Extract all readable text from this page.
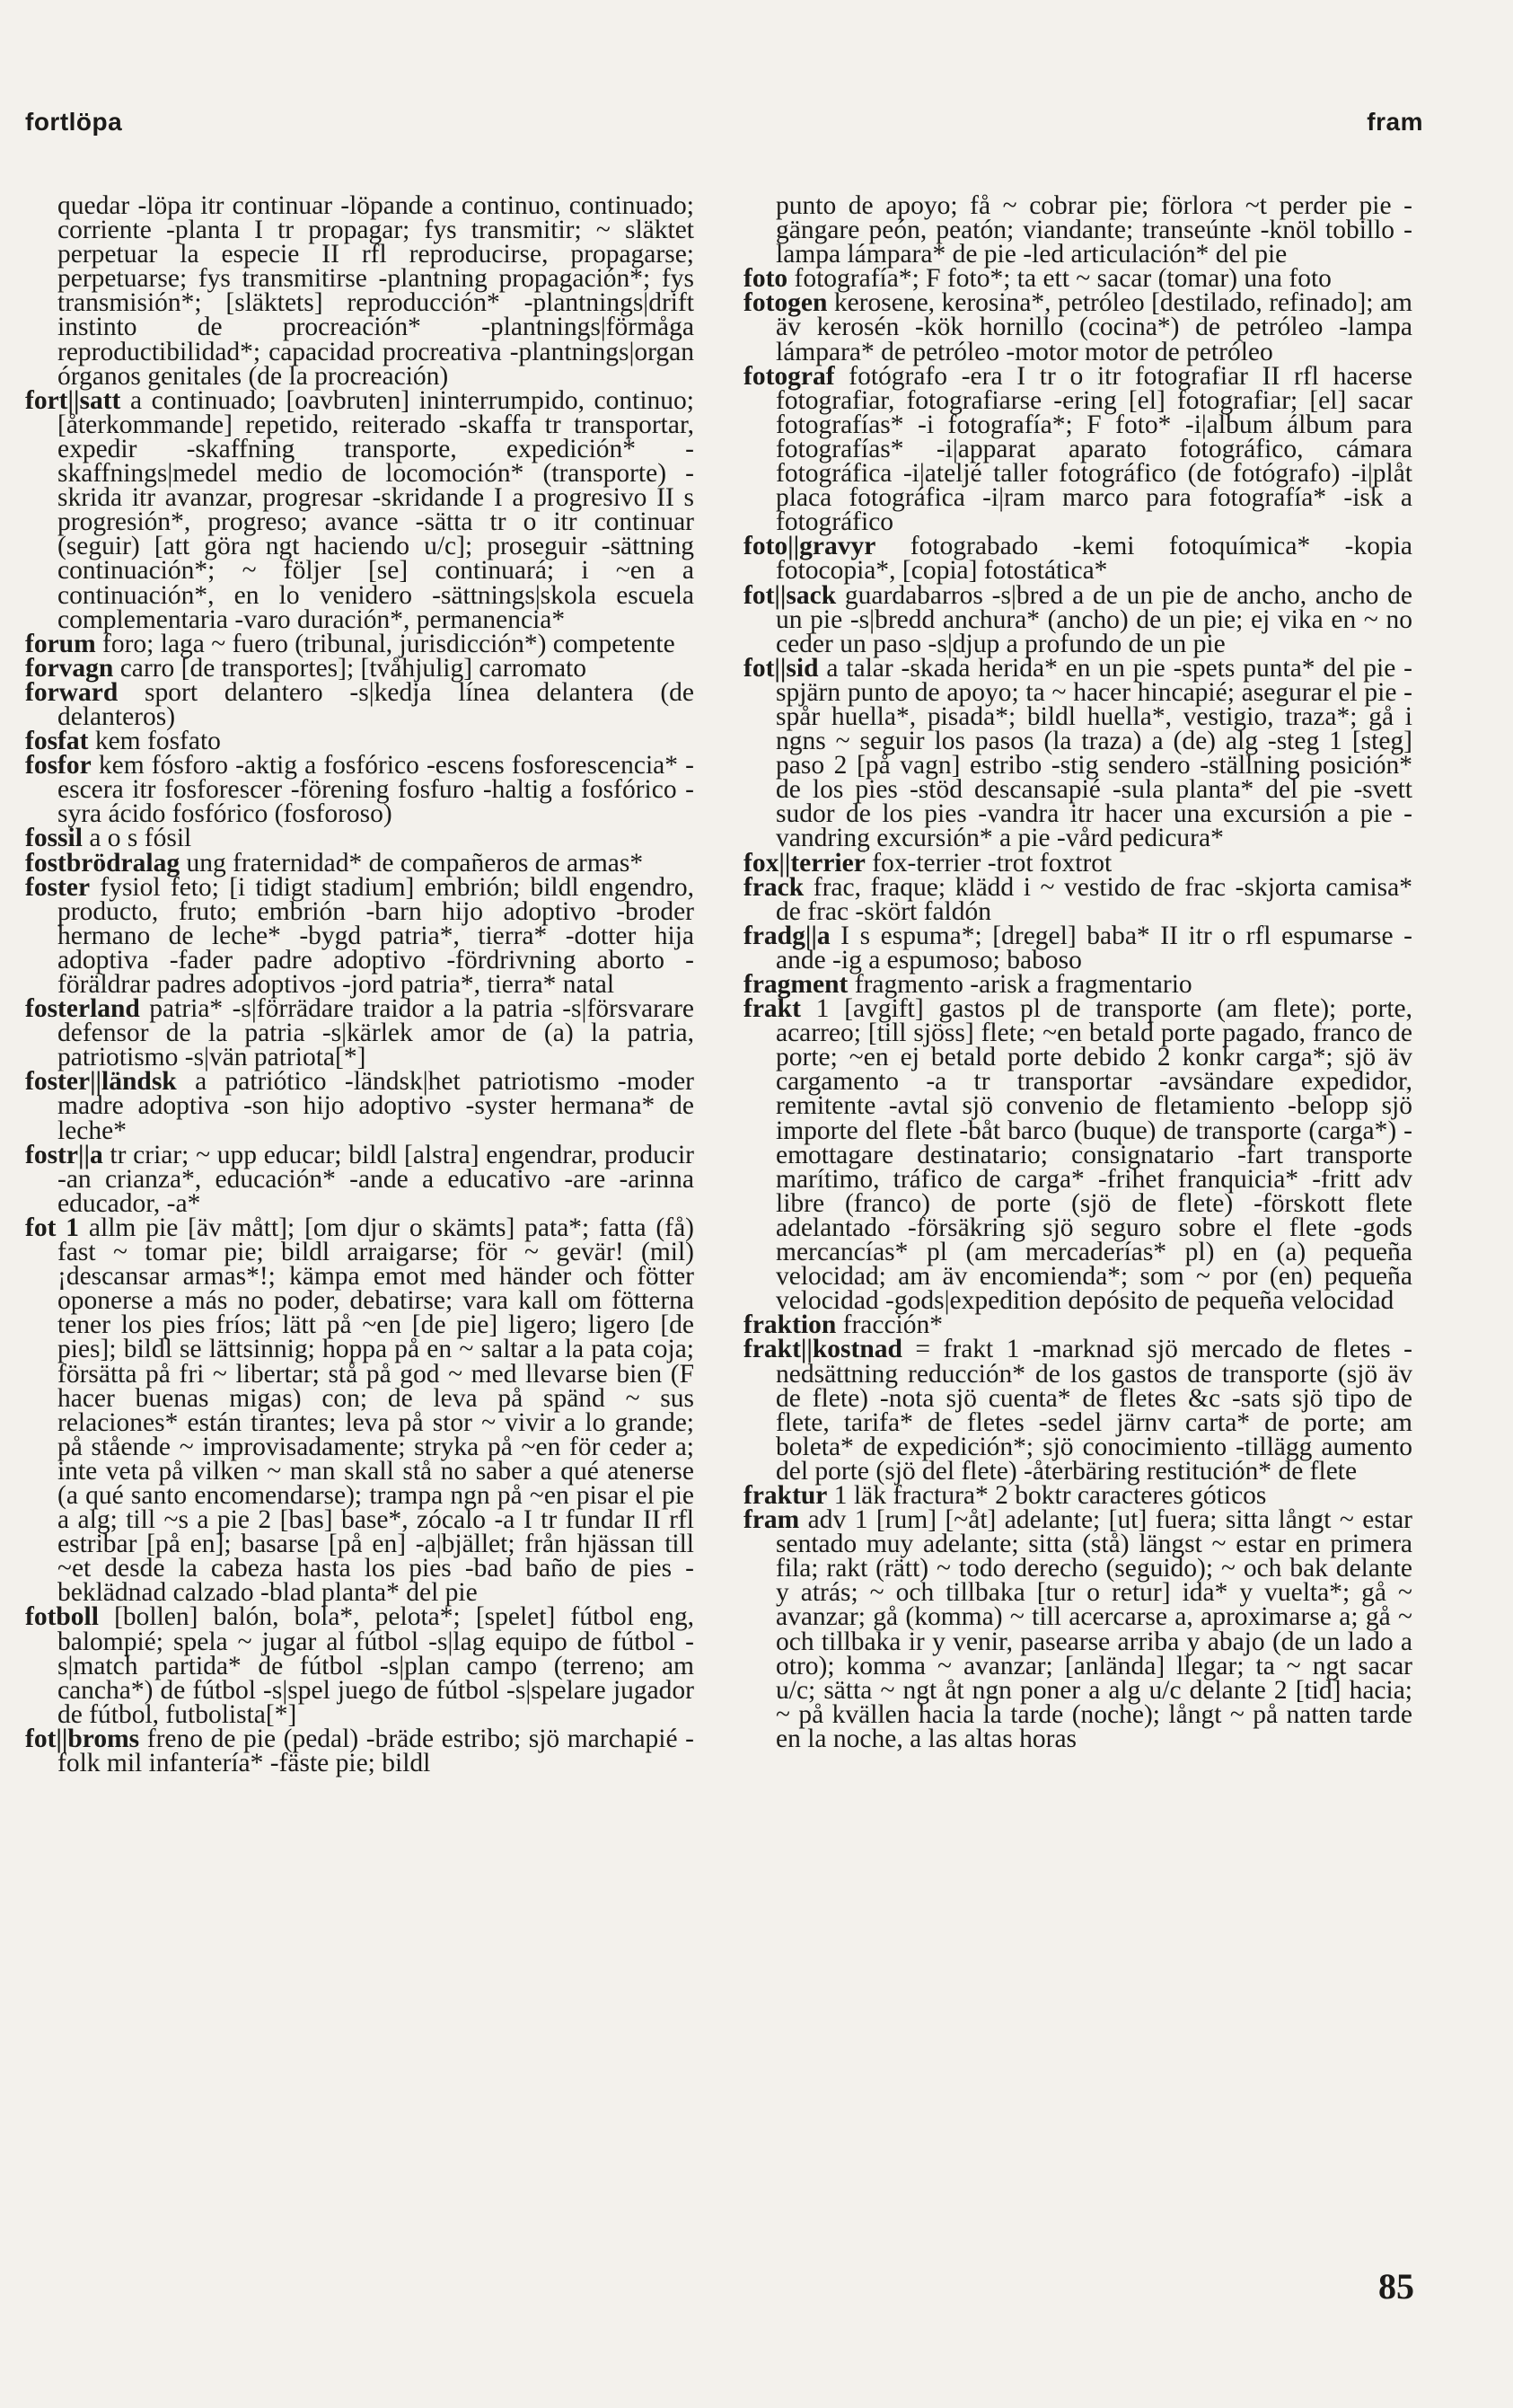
fortlöpa	fram

quedar -löpa itr continuar -löpande a continuo, continuado; corriente -planta I tr propagar; fys transmitir; ~ släktet perpetuar la especie II rfl reproducirse, propagarse; perpetuarse; fys transmitirse -plantning propagación*; fys transmisión*; [släktets] reproducción* -plantnings|drift instinto de procreación* -plantnings|förmåga reproductibilidad*; capacidad procreativa -plantnings|organ órganos genitales (de la procreación)

fort||satt a continuado; [oavbruten] ininterrumpido, continuo; [återkommande] repetido, reiterado -skaffa tr transportar, expedir -skaffning transporte, expedición* -skaffnings|medel medio de locomoción* (transporte) -skrida itr avanzar, progresar -skridande I a progresivo II s progresión*, progreso; avance -sätta tr o itr continuar (seguir) [att göra ngt haciendo u/c]; proseguir -sättning continuación*; ~ följer [se] continuará; i ~en a continuación*, en lo venidero -sättnings|skola escuela complementaria -varo duración*, permanencia*

forum foro; laga ~ fuero (tribunal, jurisdicción*) competente

forvagn carro [de transportes]; [tvåhjulig] carromato

forward sport delantero -s|kedja línea delantera (de delanteros)

fosfat kem fosfato

fosfor kem fósforo -aktig a fosfórico -escens fosforescencia* -escera itr fosforescer -förening fosfuro -haltig a fosfórico -syra ácido fosfórico (fosforoso)

fossil a o s fósil

fostbrödralag ung fraternidad* de compañeros de armas*

foster fysiol feto; [i tidigt stadium] embrión; bildl engendro, producto, fruto; embrión -barn hijo adoptivo -broder hermano de leche* -bygd patria*, tierra* -dotter hija adoptiva -fader padre adoptivo -fördrivning aborto -föräldrar padres adoptivos -jord patria*, tierra* natal

fosterland patria* -s|förrädare traidor a la patria -s|försvarare defensor de la patria -s|kärlek amor de (a) la patria, patriotismo -s|vän patriota[*]

foster||ländsk a patriótico -ländsk|het patriotismo -moder madre adoptiva -son hijo adoptivo -syster hermana* de leche*

fostr||a tr criar; ~ upp educar; bildl [alstra] engendrar, producir -an crianza*, educación* -ande a educativo -are -arinna educador, -a*

fot 1 allm pie [äv mått]; [om djur o skämts] pata*; fatta (få) fast ~ tomar pie; bildl arraigarse; för ~ gevär! (mil) ¡descansar armas*!; kämpa emot med händer och fötter oponerse a más no poder, debatirse; vara kall om fötterna tener los pies fríos; lätt på ~en [de pie] ligero; ligero [de pies]; bildl se lättsinnig; hoppa på en ~ saltar a la pata coja; försätta på fri ~ libertar; stå på god ~ med llevarse bien (F hacer buenas migas) con; de leva på spänd ~ sus relaciones* están tirantes; leva på stor ~ vivir a lo grande; på stående ~ improvisadamente; stryka på ~en för ceder a; inte veta på vilken ~ man skall stå no saber a qué atenerse (a qué santo encomendarse); trampa ngn på ~en pisar el pie a alg; till ~s a pie 2 [bas] base*, zócalo -a I tr fundar II rfl estribar [på en]; basarse [på en] -a|bjället; från hjässan till ~et desde la cabeza hasta los pies -bad baño de pies -beklädnad calzado -blad planta* del pie

fotboll [bollen] balón, bola*, pelota*; [spelet] fútbol eng, balompié; spela ~ jugar al fútbol -s|lag equipo de fútbol -s|match partida* de fútbol -s|plan campo (terreno; am cancha*) de fútbol -s|spel juego de fútbol -s|spelare jugador de fútbol, futbolista[*]

fot||broms freno de pie (pedal) -bräde estribo; sjö marchapié -folk mil infantería* -fäste pie; bildl

punto de apoyo; få ~ cobrar pie; förlora ~t perder pie -gängare peón, peatón; viandante; transeúnte -knöl tobillo -lampa lámpara* de pie -led articulación* del pie

foto fotografía*; F foto*; ta ett ~ sacar (tomar) una foto

fotogen kerosene, kerosina*, petróleo [destilado, refinado]; am äv kerosén -kök hornillo (cocina*) de petróleo -lampa lámpara* de petróleo -motor motor de petróleo

fotograf fotógrafo -era I tr o itr fotografiar II rfl hacerse fotografiar, fotografiarse -ering [el] fotografiar; [el] sacar fotografías* -i fotografía*; F foto* -i|album álbum para fotografías* -i|apparat aparato fotográfico, cámara fotográfica -i|ateljé taller fotográfico (de fotógrafo) -i|plåt placa fotográfica -i|ram marco para fotografía* -isk a fotográfico

foto||gravyr fotograbado -kemi fotoquímica* -kopia fotocopia*, [copia] fotostática*

fot||sack guardabarros -s|bred a de un pie de ancho, ancho de un pie -s|bredd anchura* (ancho) de un pie; ej vika en ~ no ceder un paso -s|djup a profundo de un pie

fot||sid a talar -skada herida* en un pie -spets punta* del pie -spjärn punto de apoyo; ta ~ hacer hincapié; asegurar el pie -spår huella*, pisada*; bildl huella*, vestigio, traza*; gå i ngns ~ seguir los pasos (la traza) a (de) alg -steg 1 [steg] paso 2 [på vagn] estribo -stig sendero -ställning posición* de los pies -stöd descansapié -sula planta* del pie -svett sudor de los pies -vandra itr hacer una excursión a pie -vandring excursión* a pie -vård pedicura*

fox||terrier fox-terrier -trot foxtrot

frack frac, fraque; klädd i ~ vestido de frac -skjorta camisa* de frac -skört faldón

fradg||a I s espuma*; [dregel] baba* II itr o rfl espumarse -ande -ig a espumoso; baboso

fragment fragmento -arisk a fragmentario

frakt 1 [avgift] gastos pl de transporte (am flete); porte, acarreo; [till sjöss] flete; ~en betald porte pagado, franco de porte; ~en ej betald porte debido 2 konkr carga*; sjö äv cargamento -a tr transportar -avsändare expedidor, remitente -avtal sjö convenio de fletamiento -belopp sjö importe del flete -båt barco (buque) de transporte (carga*) -emottagare destinatario; consignatario -fart transporte marítimo, tráfico de carga* -frihet franquicia* -fritt adv libre (franco) de porte (sjö de flete) -förskott flete adelantado -försäkring sjö seguro sobre el flete -gods mercancías* pl (am mercaderías* pl) en (a) pequeña velocidad; am äv encomienda*; som ~ por (en) pequeña velocidad -gods|expedition depósito de pequeña velocidad

fraktion fracción*

frakt||kostnad = frakt 1 -marknad sjö mercado de fletes -nedsättning reducción* de los gastos de transporte (sjö äv de flete) -nota sjö cuenta* de fletes &c -sats sjö tipo de flete, tarifa* de fletes -sedel järnv carta* de porte; am boleta* de expedición*; sjö conocimiento -tillägg aumento del porte (sjö del flete) -återbäring restitución* de flete

fraktur 1 läk fractura* 2 boktr caracteres góticos

fram adv 1 [rum] [~åt] adelante; [ut] fuera; sitta långt ~ estar sentado muy adelante; sitta (stå) längst ~ estar en primera fila; rakt (rätt) ~ todo derecho (seguido); ~ och bak delante y atrás; ~ och tillbaka [tur o retur] ida* y vuelta*; gå ~ avanzar; gå (komma) ~ till acercarse a, aproximarse a; gå ~ och tillbaka ir y venir, pasearse arriba y abajo (de un lado a otro); komma ~ avanzar; [anlända] llegar; ta ~ ngt sacar u/c; sätta ~ ngt åt ngn poner a alg u/c delante 2 [tid] hacia; ~ på kvällen hacia la tarde (noche); långt ~ på natten tarde en la noche, a las altas horas

85
